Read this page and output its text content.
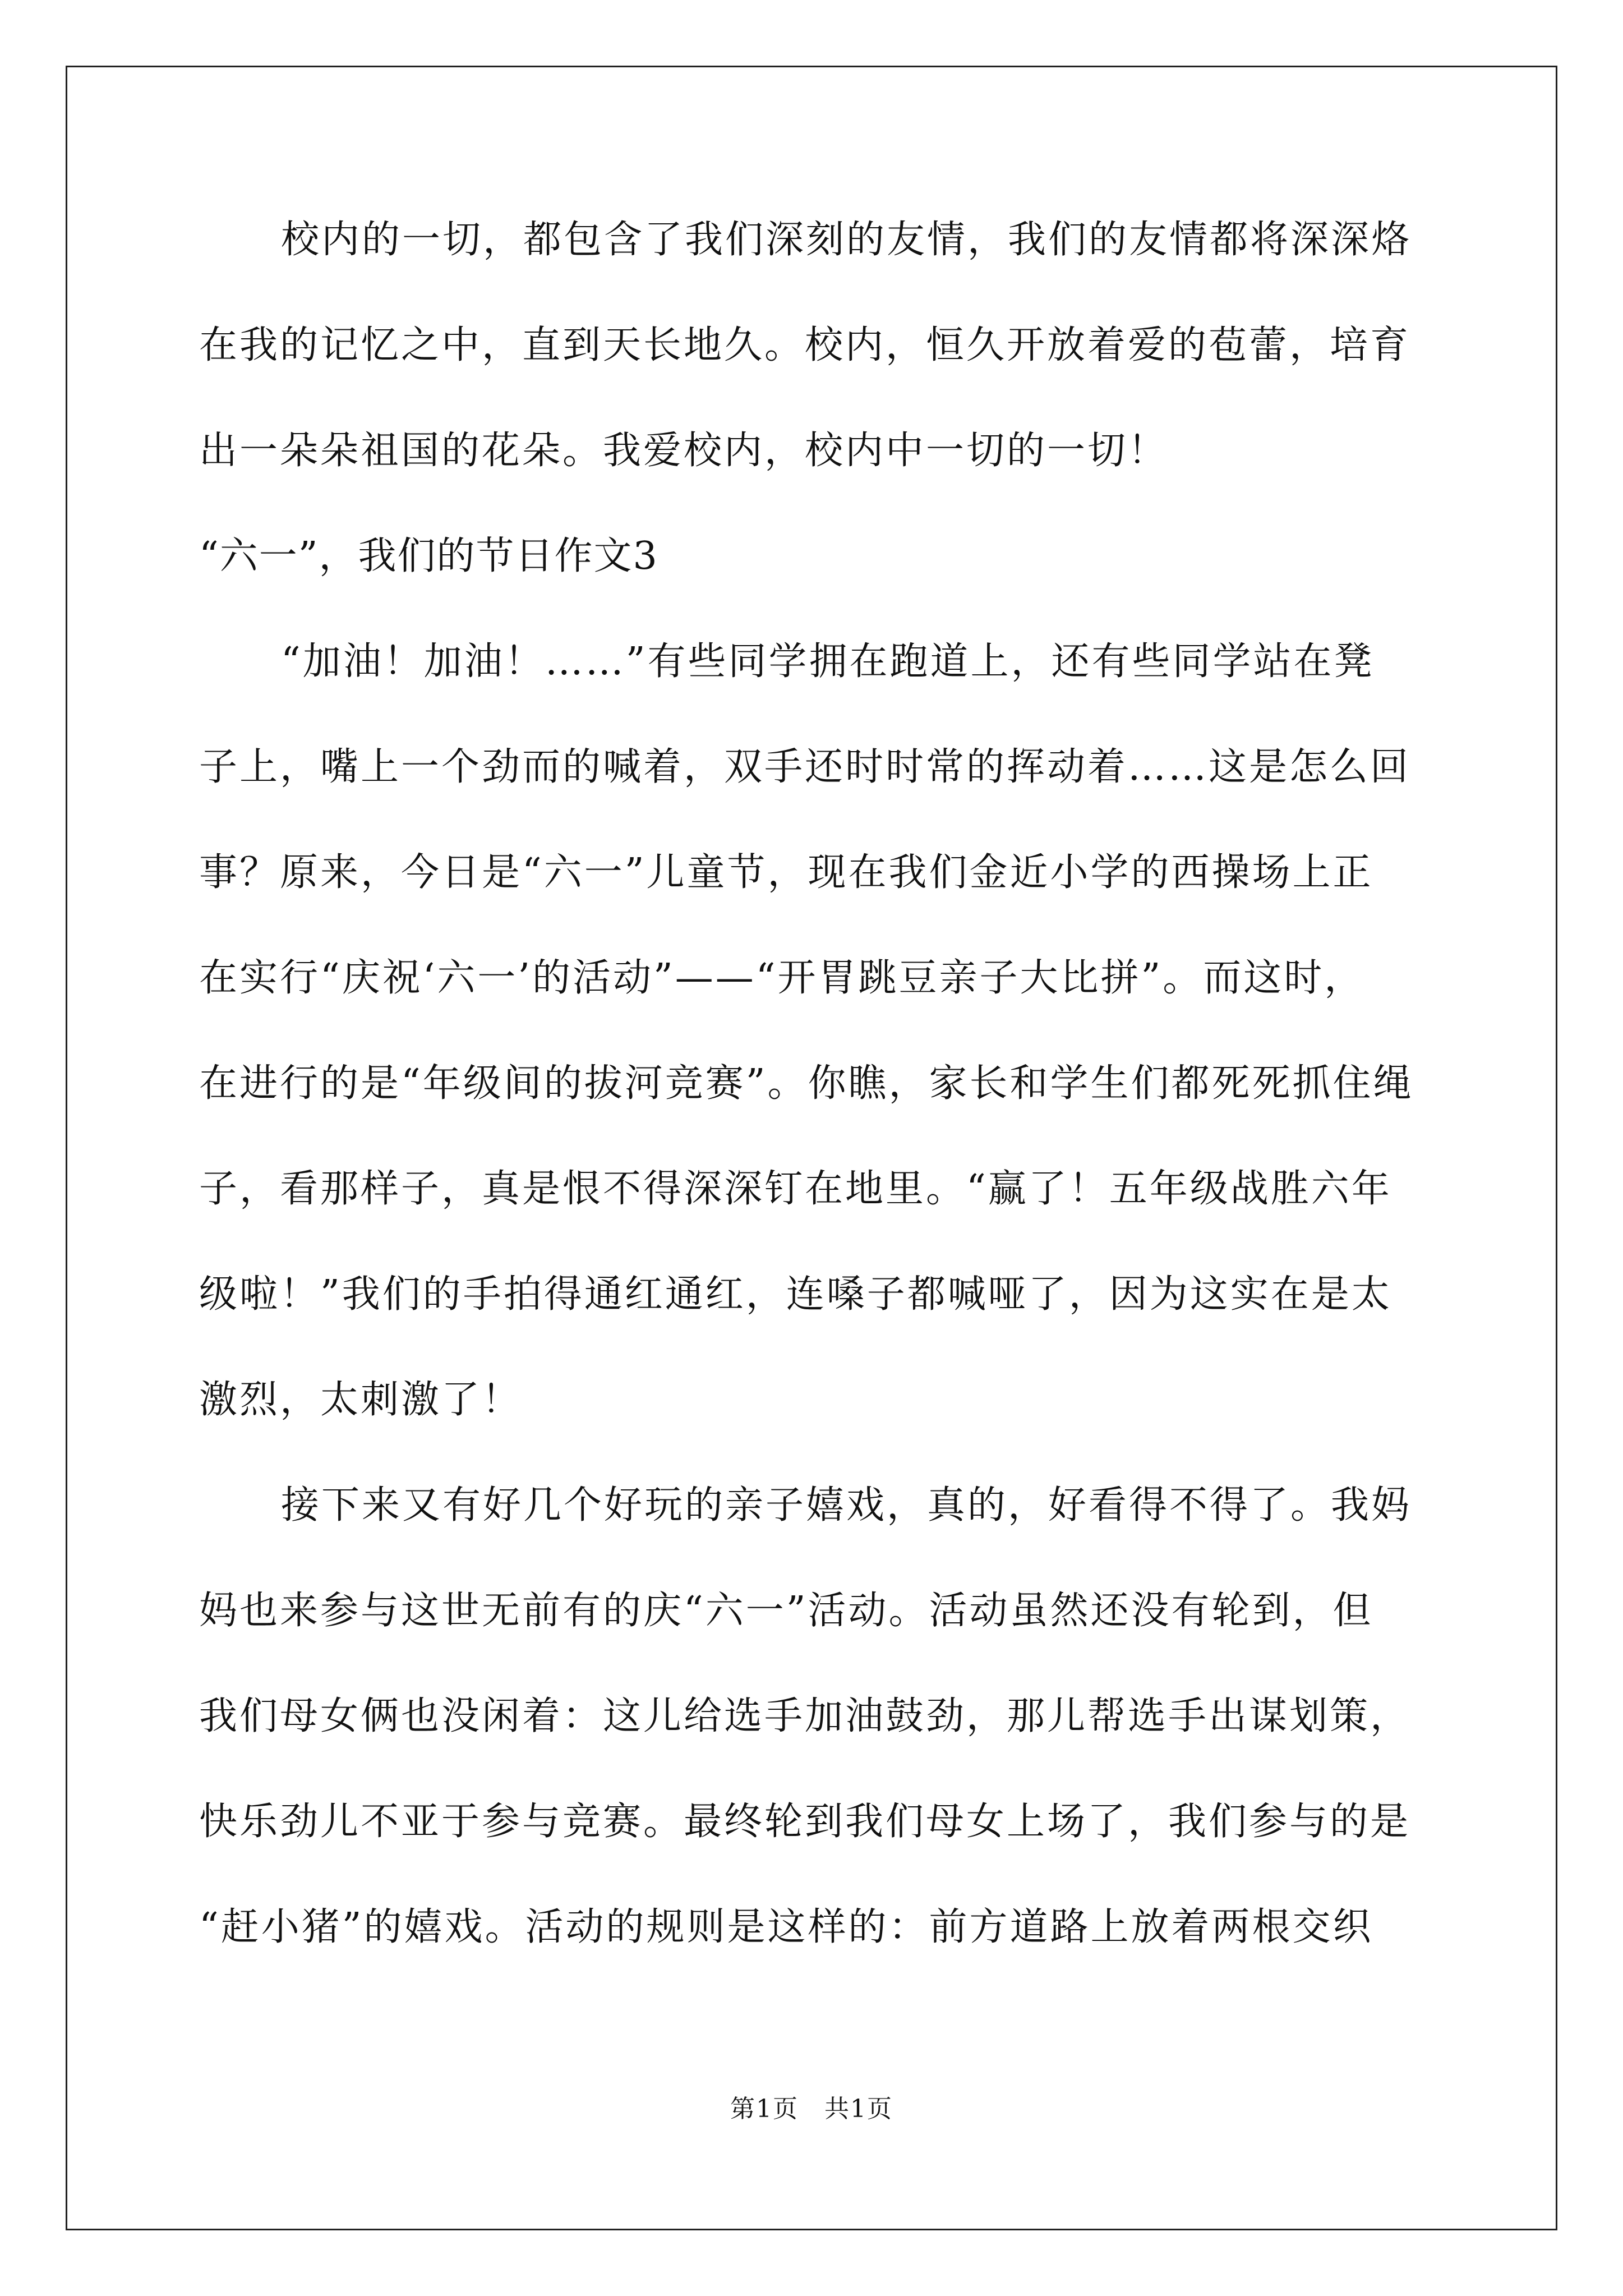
校内的一切，都包含了我们深刻的友情，我们的友情都将深深烙
在我的记忆之中，直到天长地久。校内，恒久开放着爱的苞蕾，培育
出一朵朵祖国的花朵。我爱校内，校内中一切的一切！
“六一”，我们的节日作文3
“加油！加油！……”有些同学拥在跑道上，还有些同学站在凳
子上，嘴上一个劲而的喊着，双手还时时常的挥动着……这是怎么回
事？原来，今日是“六一”儿童节，现在我们金近小学的西操场上正
在实行“庆祝‘六一’的活动”——“开胃跳豆亲子大比拼”。而这时，
在进行的是“年级间的拔河竞赛”。你瞧，家长和学生们都死死抓住绳
子，看那样子，真是恨不得深深钉在地里。“赢了！五年级战胜六年
级啦！”我们的手拍得通红通红，连嗓子都喊哑了，因为这实在是太
激烈，太刺激了！
接下来又有好几个好玩的亲子嬉戏，真的，好看得不得了。我妈
妈也来参与这世无前有的庆“六一”活动。活动虽然还没有轮到，但
我们母女俩也没闲着：这儿给选手加油鼓劲，那儿帮选手出谋划策，
快乐劲儿不亚于参与竞赛。最终轮到我们母女上场了，我们参与的是
“赶小猪”的嬉戏。活动的规则是这样的：前方道路上放着两根交织
第1页　共1页
